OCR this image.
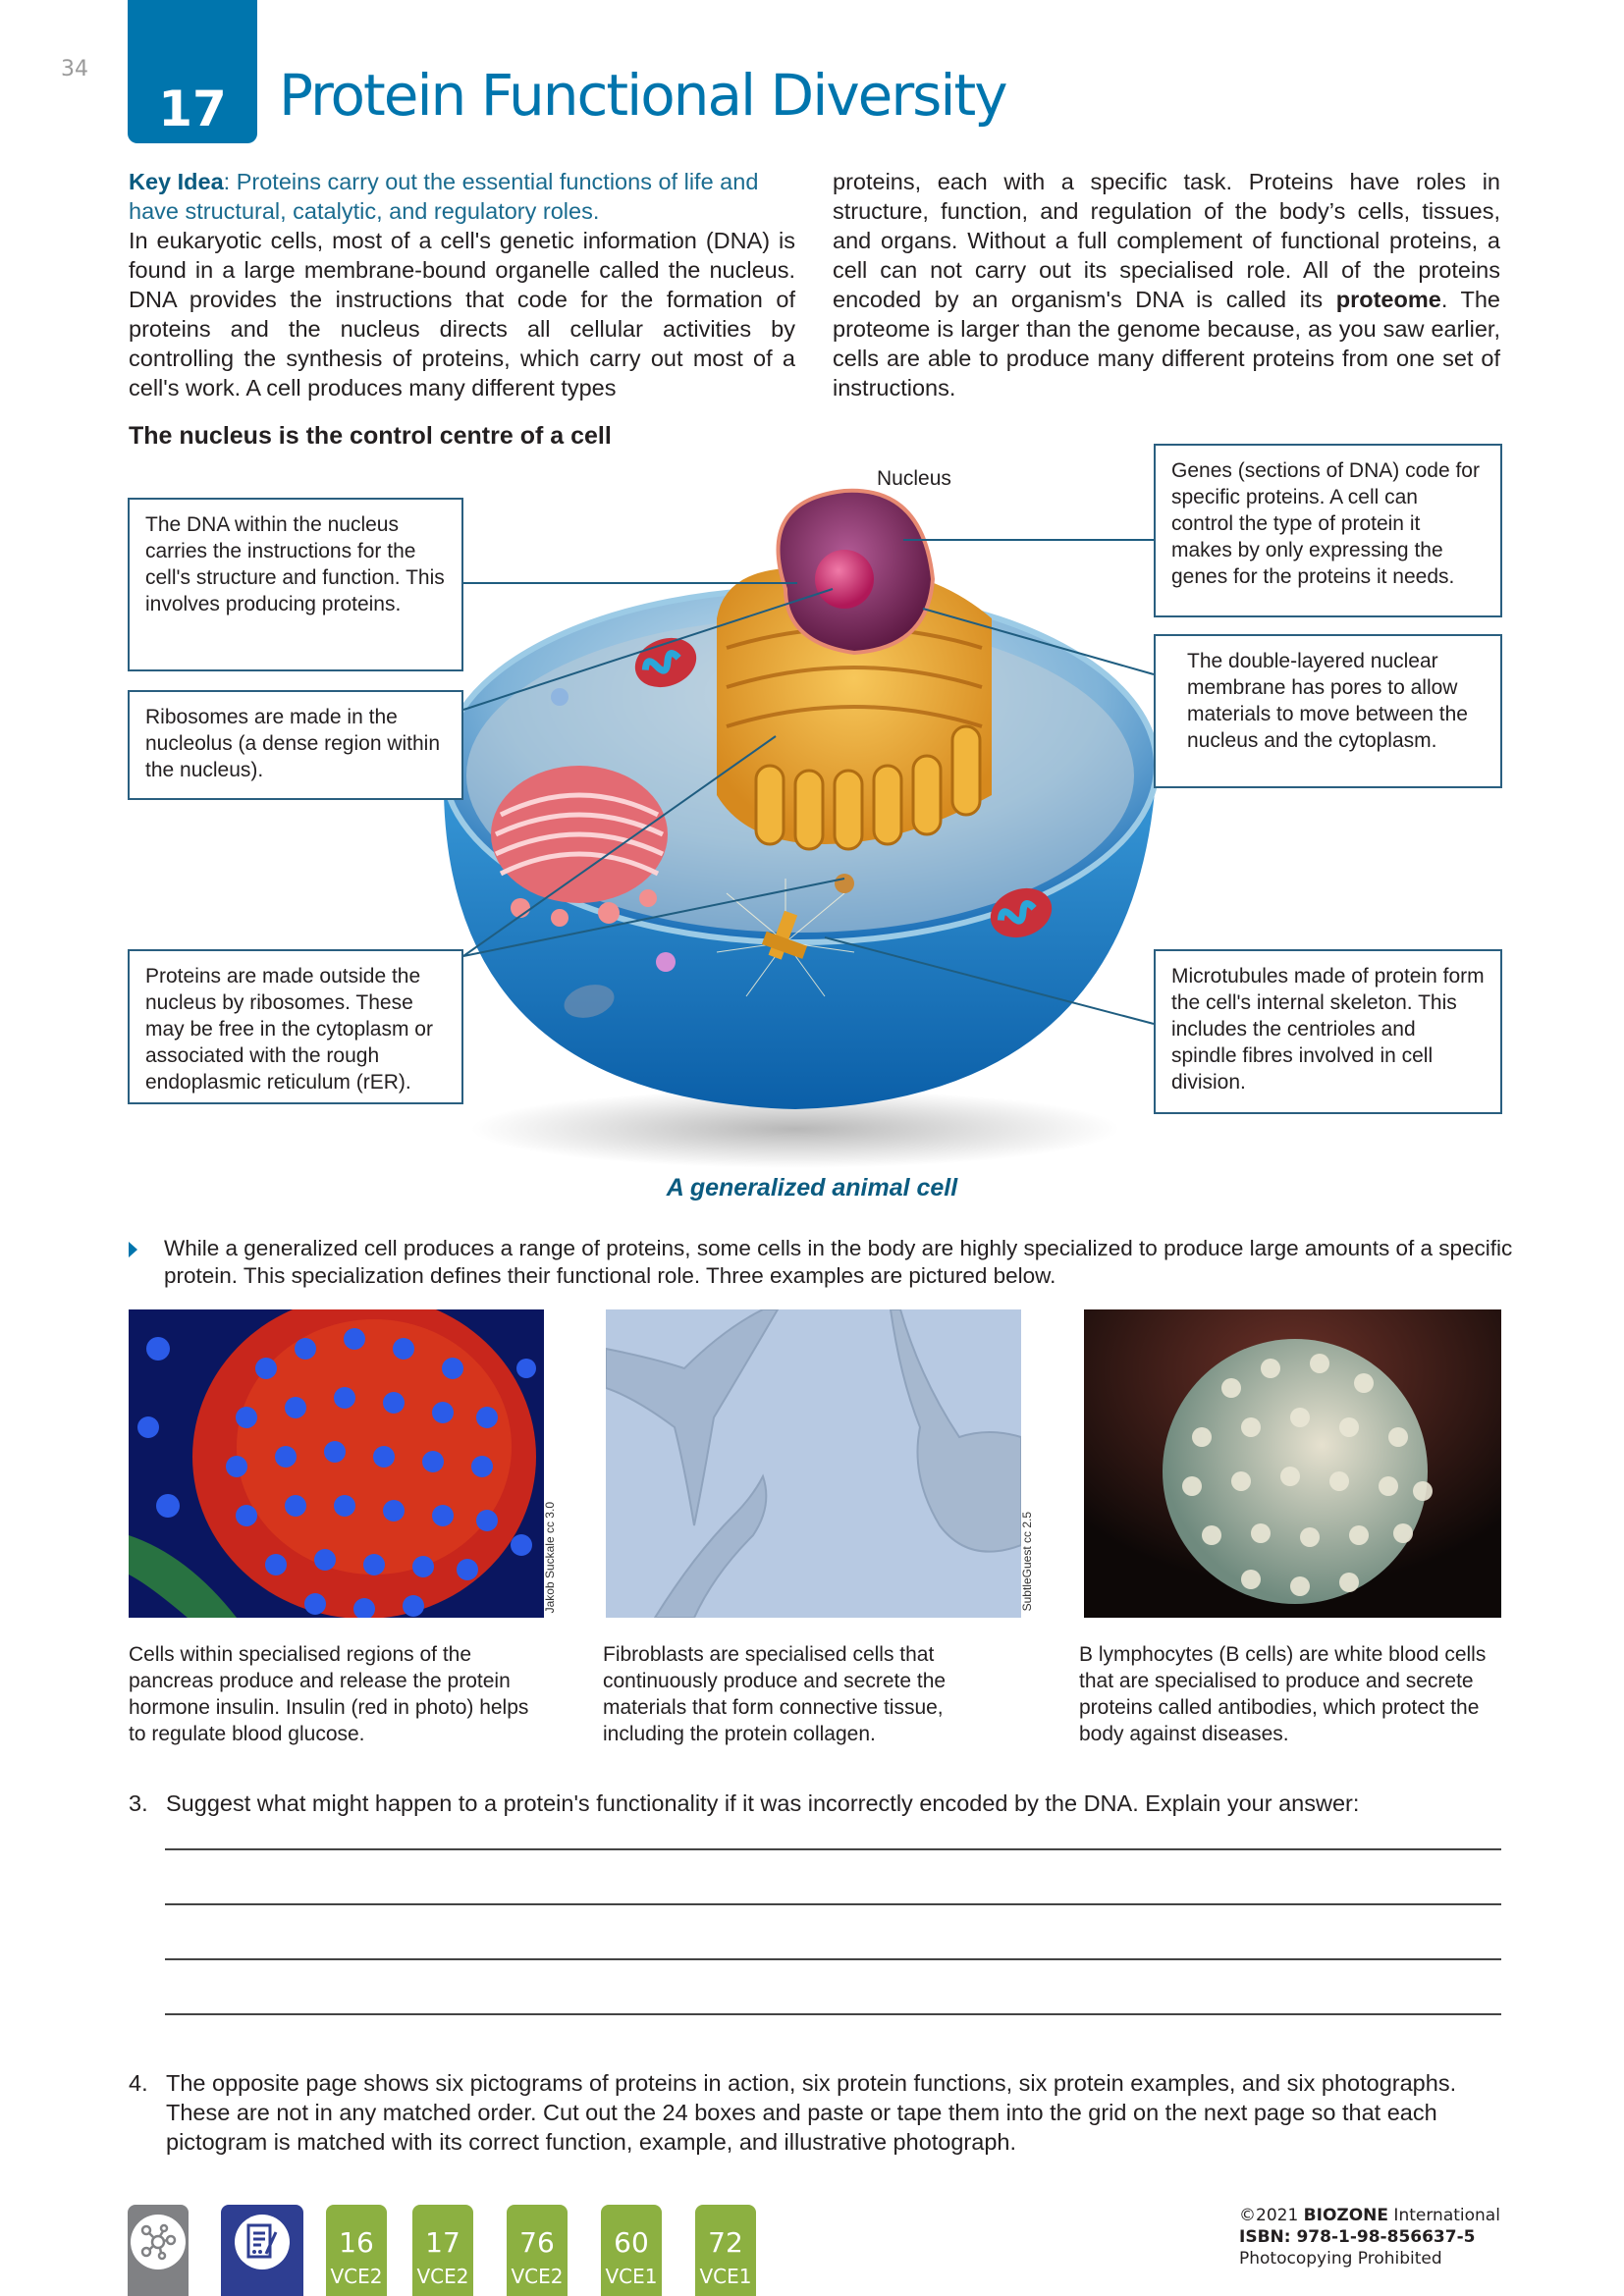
34
17 Protein Functional Diversity
Key Idea: Proteins carry out the essential functions of life and have structural, catalytic, and regulatory roles.
In eukaryotic cells, most of a cell's genetic information (DNA) is found in a large membrane-bound organelle called the nucleus. DNA provides the instructions that code for the formation of proteins and the nucleus directs all cellular activities by controlling the synthesis of proteins, which carry out most of a cell's work. A cell produces many different types
proteins, each with a specific task. Proteins have roles in structure, function, and regulation of the body’s cells, tissues, and organs. Without a full complement of functional proteins, a cell can not carry out its specialised role. All of the proteins encoded by an organism's DNA is called its proteome. The proteome is larger than the genome because, as you saw earlier, cells are able to produce many different proteins from one set of instructions.
The nucleus is the control centre of a cell
Nucleus
The DNA within the nucleus carries the instructions for the cell's structure and function. This involves producing proteins.
Ribosomes are made in the nucleolus (a dense region within the nucleus).
Genes (sections of DNA) code for specific proteins. A cell can control the type of protein it makes by only expressing the genes for the proteins it needs.
The double-layered nuclear membrane has pores to allow materials to move between the nucleus and the cytoplasm.
Proteins are made outside the nucleus by ribosomes. These may be free in the cytoplasm or associated with the rough endoplasmic reticulum (rER).
Microtubules made of protein form the cell's internal skeleton. This includes the centrioles and spindle fibres involved in cell division.
A generalized animal cell
While a generalized cell produces a range of proteins, some cells in the body are highly specialized to produce large amounts of a specific protein. This specialization defines their functional role. Three examples are pictured below.
Jakob Suckale cc 3.0	SubtleGuest cc 2.5
Cells within specialised regions of the pancreas produce and release the protein hormone insulin. Insulin (red in photo) helps to regulate blood glucose.
Fibroblasts are specialised cells that continuously produce and secrete the materials that form connective tissue, including the protein collagen.
B lymphocytes (B cells) are white blood cells that are specialised to produce and secrete proteins called antibodies, which protect the body against diseases.
3. Suggest what might happen to a protein's functionality if it was incorrectly encoded by the DNA. Explain your answer:
4. The opposite page shows six pictograms of proteins in action, six protein functions, six protein examples, and six photographs. These are not in any matched order. Cut out the 24 boxes and paste or tape them into the grid on the next page so that each pictogram is matched with its correct function, example, and illustrative photograph.
16
VCE2
17
VCE2
76
VCE2
60
VCE1
72
VCE1
©2021 BIOZONE International
ISBN: 978-1-98-856637-5
Photocopying Prohibited
